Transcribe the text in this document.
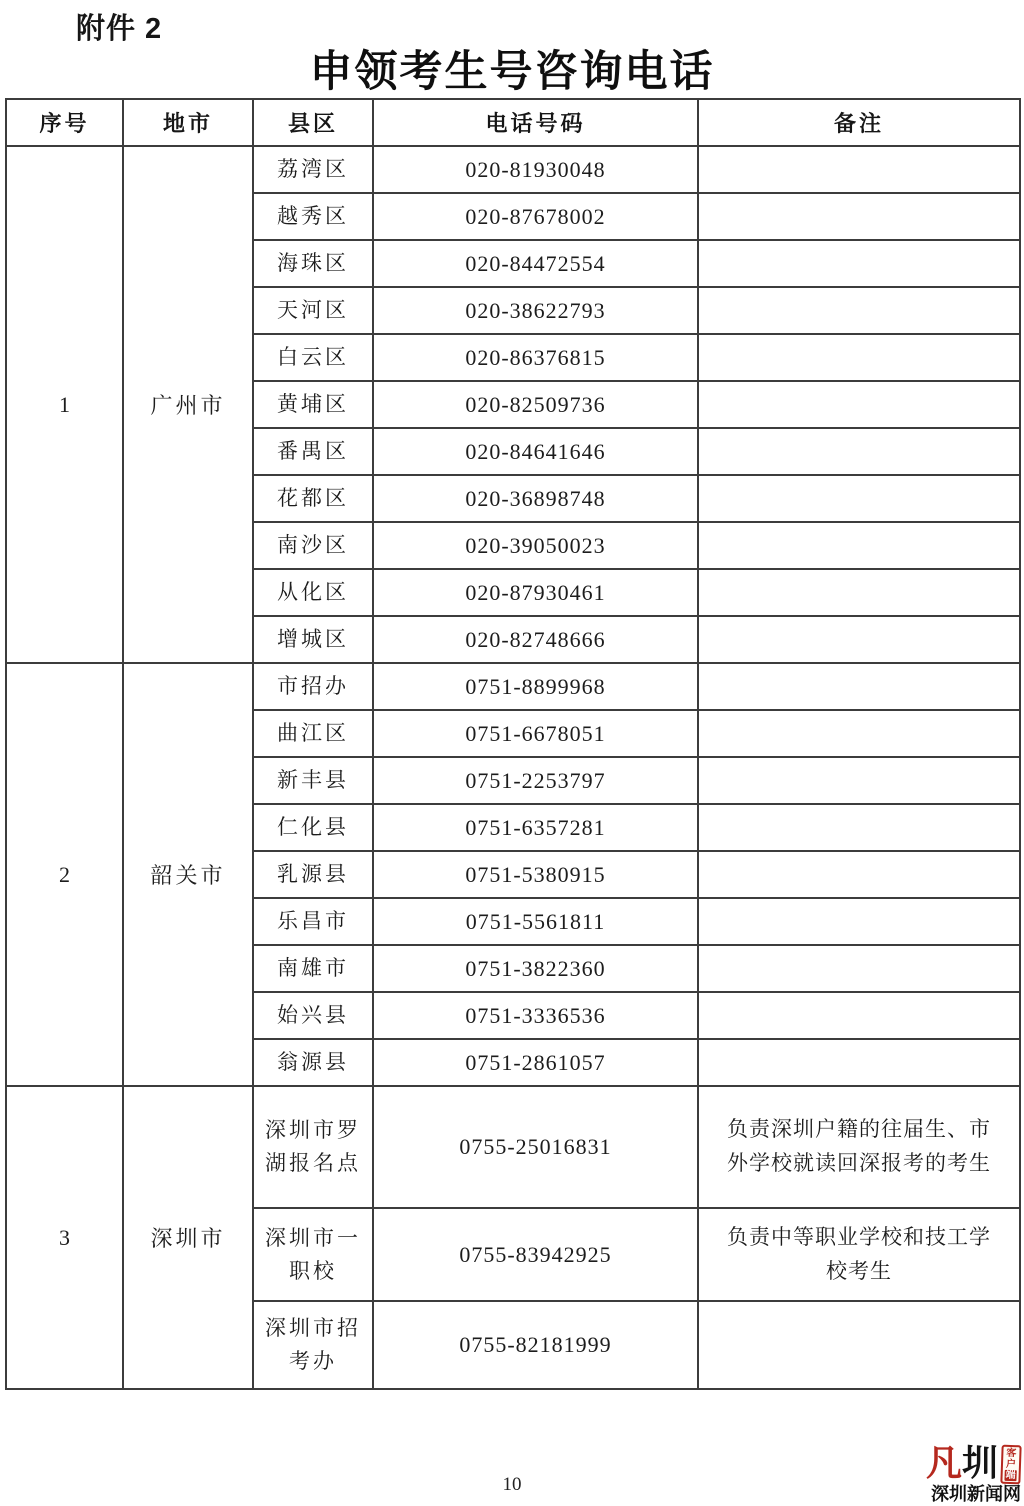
附件 2
申领考生号咨询电话
序号	地市	县区	电话号码	备注
1	广州市	荔湾区	020-81930048	
		越秀区	020-87678002	
		海珠区	020-84472554	
		天河区	020-38622793	
		白云区	020-86376815	
		黄埔区	020-82509736	
		番禺区	020-84641646	
		花都区	020-36898748	
		南沙区	020-39050023	
		从化区	020-87930461	
		增城区	020-82748666	
2	韶关市	市招办	0751-8899968	
		曲江区	0751-6678051	
		新丰县	0751-2253797	
		仁化县	0751-6357281	
		乳源县	0751-5380915	
		乐昌市	0751-5561811	
		南雄市	0751-3822360	
		始兴县	0751-3336536	
		翁源县	0751-2861057	
3	深圳市	深圳市罗湖报名点	0755-25016831	负责深圳户籍的往届生、市外学校就读回深报考的考生
		深圳市一职校	0755-83942925	负责中等职业学校和技工学校考生
		深圳市招考办	0755-82181999	
10
凡 圳 客
户
端
深圳新闻网
